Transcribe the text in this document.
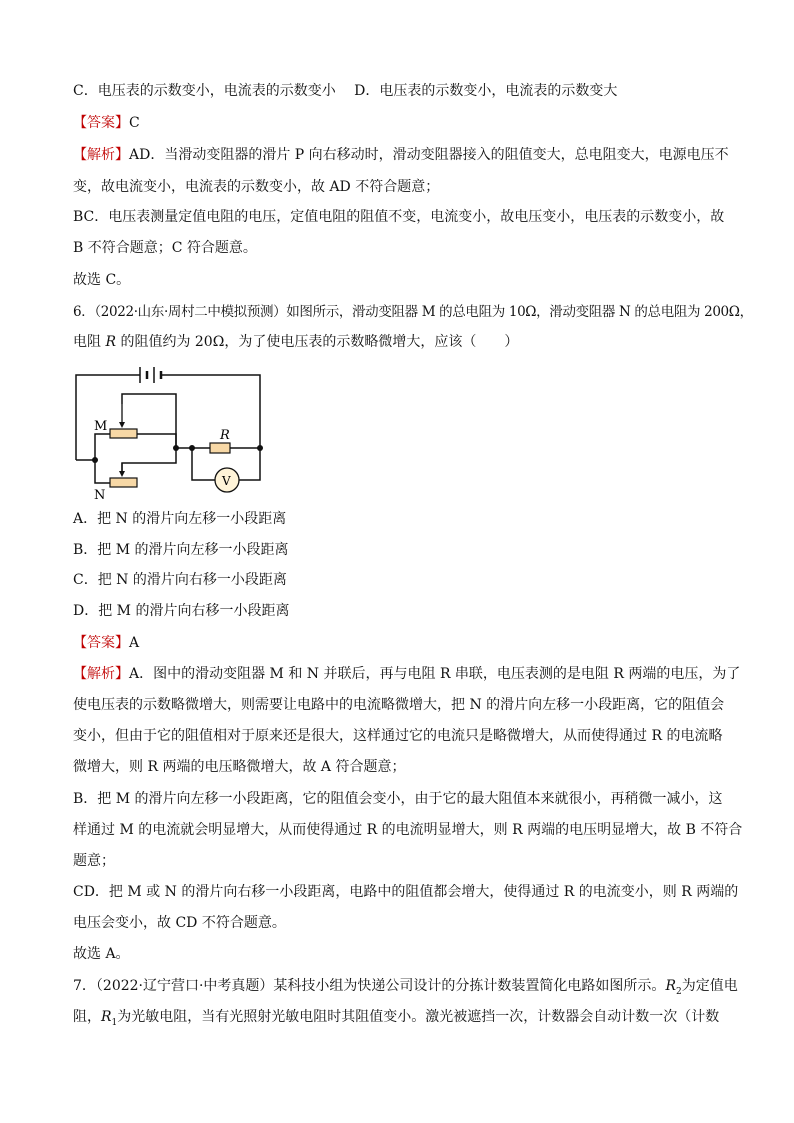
C．电压表的示数变小，电流表的示数变小　 D．电压表的示数变小，电流表的示数变大
【答案】C
【解析】AD．当滑动变阻器的滑片 P 向右移动时，滑动变阻器接入的阻值变大，总电阻变大，电源电压不
变，故电流变小，电流表的示数变小，故 AD 不符合题意；
BC．电压表测量定值电阻的电压，定值电阻的阻值不变，电流变小，故电压变小，电压表的示数变小，故
B 不符合题意；C 符合题意。
故选 C。
6．（2022·山东·周村二中模拟预测）如图所示，滑动变阻器 M 的总电阻为 10Ω，滑动变阻器 N 的总电阻为 200Ω，
电阻 R 的阻值约为 20Ω，为了使电压表的示数略微增大，应该（　　）
M
N
R
V
A．把 N 的滑片向左移一小段距离
B．把 M 的滑片向左移一小段距离
C．把 N 的滑片向右移一小段距离
D．把 M 的滑片向右移一小段距离
【答案】A
【解析】A．图中的滑动变阻器 M 和 N 并联后，再与电阻 R 串联，电压表测的是电阻 R 两端的电压，为了
使电压表的示数略微增大，则需要让电路中的电流略微增大，把 N 的滑片向左移一小段距离，它的阻值会
变小，但由于它的阻值相对于原来还是很大，这样通过它的电流只是略微增大，从而使得通过 R 的电流略
微增大，则 R 两端的电压略微增大，故 A 符合题意；
B．把 M 的滑片向左移一小段距离，它的阻值会变小，由于它的最大阻值本来就很小，再稍微一减小，这
样通过 M 的电流就会明显增大，从而使得通过 R 的电流明显增大，则 R 两端的电压明显增大，故 B 不符合
题意；
CD．把 M 或 N 的滑片向右移一小段距离，电路中的阻值都会增大，使得通过 R 的电流变小，则 R 两端的
电压会变小，故 CD 不符合题意。
故选 A。
7．（2022·辽宁营口·中考真题）某科技小组为快递公司设计的分拣计数装置简化电路如图所示。$R_2$为定值电
阻，$R_1$为光敏电阻，当有光照射光敏电阻时其阻值变小。激光被遮挡一次，计数器会自动计数一次（计数
